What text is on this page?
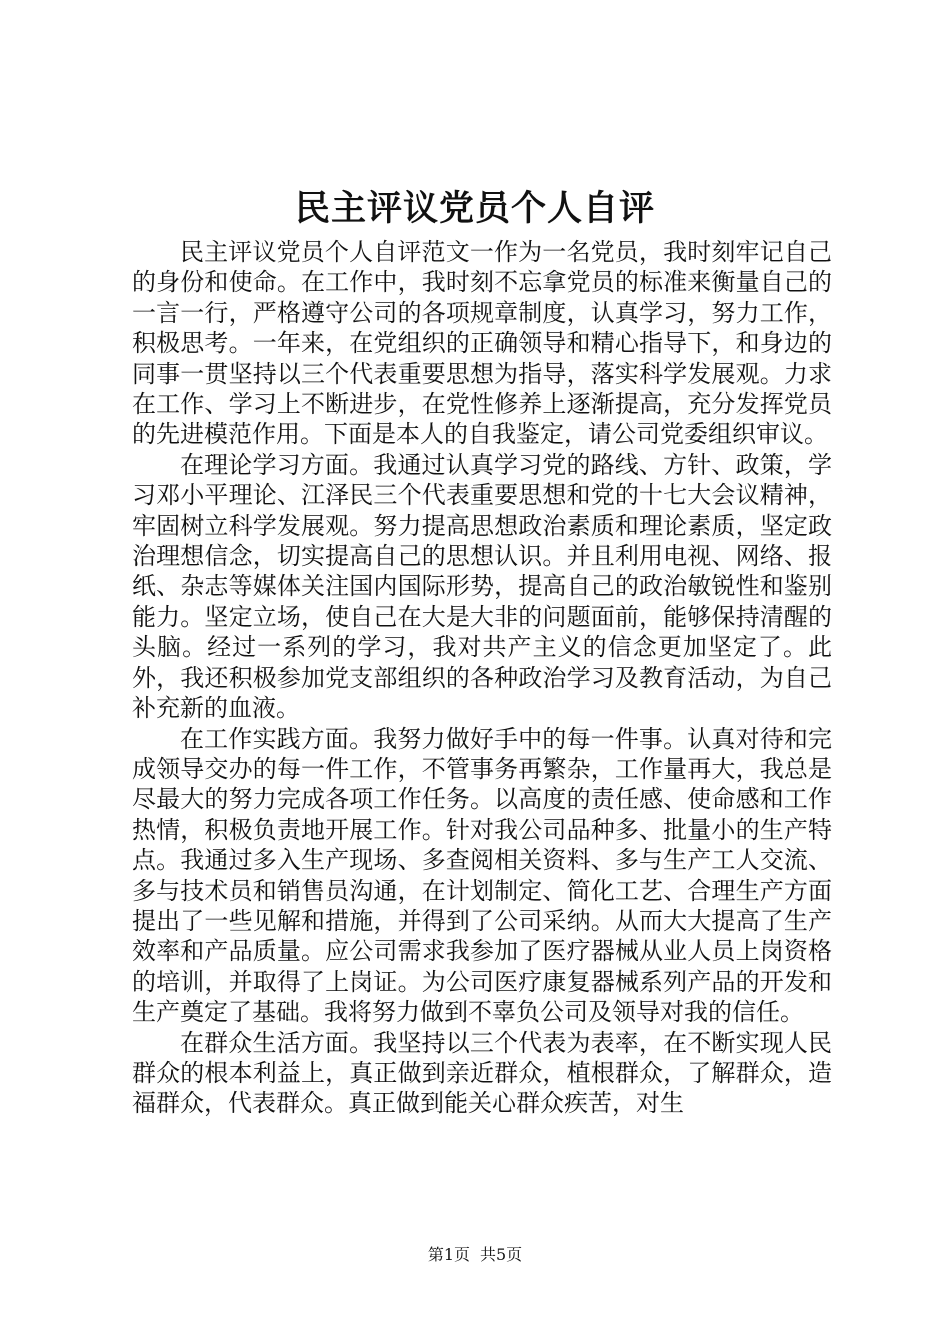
民主评议党员个人自评

民主评议党员个人自评范文一作为一名党员，我时刻牢记自己的身份和使命。在工作中，我时刻不忘拿党员的标准来衡量自己的一言一行，严格遵守公司的各项规章制度，认真学习，努力工作，积极思考。一年来，在党组织的正确领导和精心指导下，和身边的同事一贯坚持以三个代表重要思想为指导，落实科学发展观。力求在工作、学习上不断进步，在党性修养上逐渐提高，充分发挥党员的先进模范作用。下面是本人的自我鉴定，请公司党委组织审议。

在理论学习方面。我通过认真学习党的路线、方针、政策，学习邓小平理论、江泽民三个代表重要思想和党的十七大会议精神，牢固树立科学发展观。努力提高思想政治素质和理论素质，坚定政治理想信念，切实提高自己的思想认识。并且利用电视、网络、报纸、杂志等媒体关注国内国际形势，提高自己的政治敏锐性和鉴别能力。坚定立场，使自己在大是大非的问题面前，能够保持清醒的头脑。经过一系列的学习，我对共产主义的信念更加坚定了。此外，我还积极参加党支部组织的各种政治学习及教育活动，为自己补充新的血液。

在工作实践方面。我努力做好手中的每一件事。认真对待和完成领导交办的每一件工作，不管事务再繁杂，工作量再大，我总是尽最大的努力完成各项工作任务。以高度的责任感、使命感和工作热情，积极负责地开展工作。针对我公司品种多、批量小的生产特点。我通过多入生产现场、多查阅相关资料、多与生产工人交流、多与技术员和销售员沟通，在计划制定、简化工艺、合理生产方面提出了一些见解和措施，并得到了公司采纳。从而大大提高了生产效率和产品质量。应公司需求我参加了医疗器械从业人员上岗资格的培训，并取得了上岗证。为公司医疗康复器械系列产品的开发和生产奠定了基础。我将努力做到不辜负公司及领导对我的信任。

在群众生活方面。我坚持以三个代表为表率，在不断实现人民群众的根本利益上，真正做到亲近群众，植根群众，了解群众，造福群众，代表群众。真正做到能关心群众疾苦，对生

第1页 共5页
